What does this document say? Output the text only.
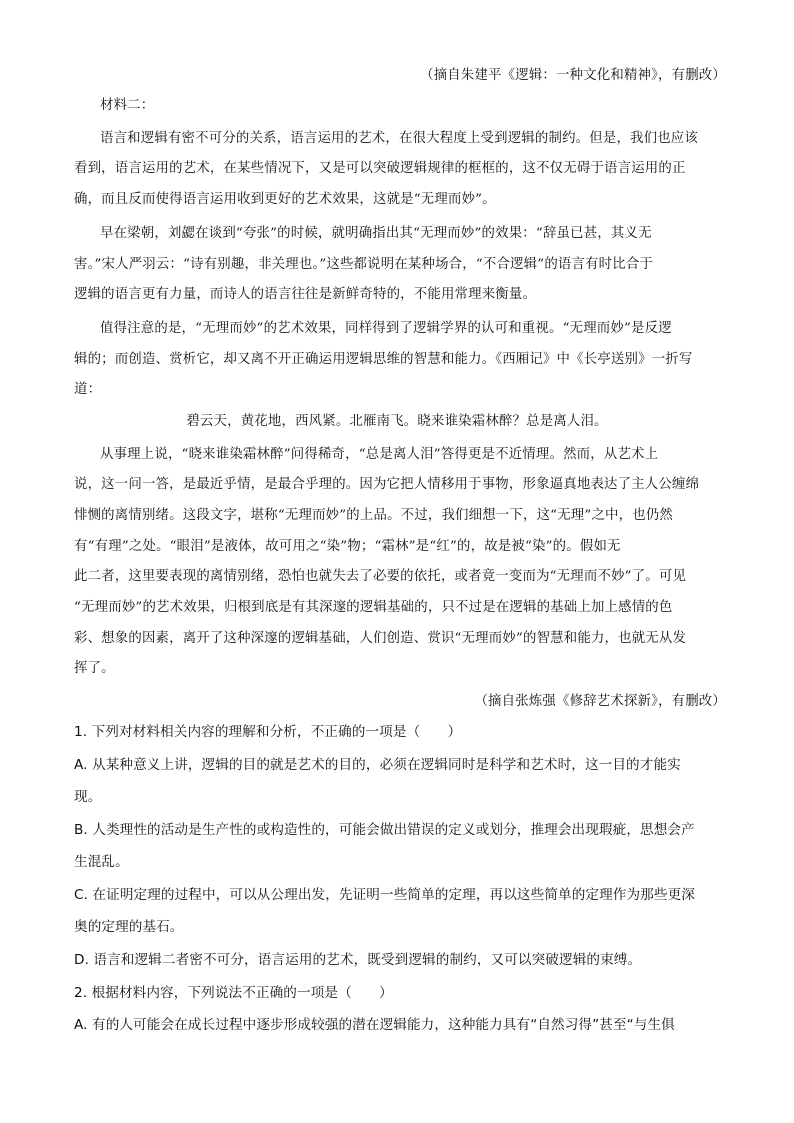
（摘自朱建平《逻辑：一种文化和精神》，有删改）
材料二：
语言和逻辑有密不可分的关系，语言运用的艺术，在很大程度上受到逻辑的制约。但是，我们也应该
看到，语言运用的艺术，在某些情况下，又是可以突破逻辑规律的框框的，这不仅无碍于语言运用的正
确，而且反而使得语言运用收到更好的艺术效果，这就是“无理而妙”。
早在梁朝，刘勰在谈到“夸张”的时候，就明确指出其“无理而妙”的效果：“辞虽已甚，其义无
害。”宋人严羽云：“诗有别趣，非关理也。”这些都说明在某种场合，“不合逻辑”的语言有时比合于
逻辑的语言更有力量，而诗人的语言往往是新鲜奇特的，不能用常理来衡量。
值得注意的是，“无理而妙”的艺术效果，同样得到了逻辑学界的认可和重视。“无理而妙”是反逻
辑的；而创造、赏析它，却又离不开正确运用逻辑思维的智慧和能力。《西厢记》中《长亭送别》一折写
道：
碧云天，黄花地，西风紧。北雁南飞。晓来谁染霜林醉？总是离人泪。
从事理上说，“晓来谁染霜林醉”问得稀奇，“总是离人泪”答得更是不近情理。然而，从艺术上
说，这一问一答，是最近乎情，是最合乎理的。因为它把人情移用于事物，形象逼真地表达了主人公缠绵
悱恻的离情别绪。这段文字，堪称“无理而妙”的上品。不过，我们细想一下，这“无理”之中，也仍然
有“有理”之处。“眼泪”是液体，故可用之“染”物；“霜林”是“红”的，故是被“染”的。假如无
此二者，这里要表现的离情别绪，恐怕也就失去了必要的依托，或者竟一变而为“无理而不妙”了。可见
“无理而妙”的艺术效果，归根到底是有其深邃的逻辑基础的，只不过是在逻辑的基础上加上感情的色
彩、想象的因素，离开了这种深邃的逻辑基础，人们创造、赏识“无理而妙”的智慧和能力，也就无从发
挥了。
（摘自张炼强《修辞艺术探新》，有删改）
1. 下列对材料相关内容的理解和分析，不正确的一项是（　　）
A. 从某种意义上讲，逻辑的目的就是艺术的目的，必须在逻辑同时是科学和艺术时，这一目的才能实
现。
B. 人类理性的活动是生产性的或构造性的，可能会做出错误的定义或划分，推理会出现瑕疵，思想会产
生混乱。
C. 在证明定理的过程中，可以从公理出发，先证明一些简单的定理，再以这些简单的定理作为那些更深
奥的定理的基石。
D. 语言和逻辑二者密不可分，语言运用的艺术，既受到逻辑的制约，又可以突破逻辑的束缚。
2. 根据材料内容，下列说法不正确的一项是（　　）
A. 有的人可能会在成长过程中逐步形成较强的潜在逻辑能力，这种能力具有“自然习得”甚至“与生俱
